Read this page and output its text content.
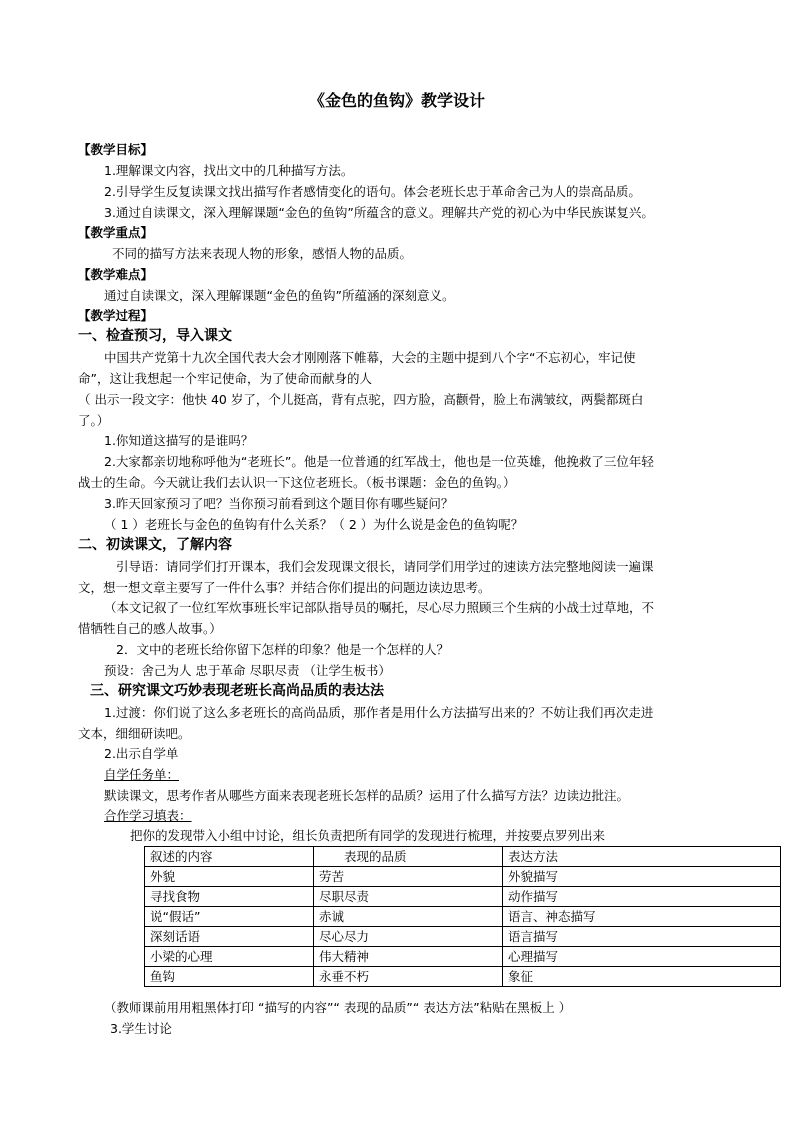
《金色的鱼钩》教学设计
【教学目标】
1.理解课文内容，找出文中的几种描写方法。
2.引导学生反复读课文找出描写作者感情变化的语句。体会老班长忠于革命舍己为人的崇高品质。
3.通过自读课文，深入理解课题“金色的鱼钩”所蕴含的意义。理解共产党的初心为中华民族谋复兴。
【教学重点】
不同的描写方法来表现人物的形象，感悟人物的品质。
【教学难点】
通过自读课文，深入理解课题“金色的鱼钩”所蕴涵的深刻意义。
【教学过程】
一、检查预习，导入课文
中国共产党第十九次全国代表大会才刚刚落下帷幕，大会的主题中提到八个字“不忘初心，牢记使
命”，这让我想起一个牢记使命，为了使命而献身的人
（ 出示一段文字：他快 40 岁了，个儿挺高，背有点驼，四方脸，高颧骨，脸上布满皱纹，两鬓都斑白
了。）
1.你知道这描写的是谁吗？
2.大家都亲切地称呼他为“老班长”。他是一位普通的红军战士，他也是一位英雄，他挽救了三位年轻
战士的生命。今天就让我们去认识一下这位老班长。（板书课题：金色的鱼钩。）
3.昨天回家预习了吧？当你预习前看到这个题目你有哪些疑问？
（ 1 ）老班长与金色的鱼钩有什么关系？（ 2 ）为什么说是金色的鱼钩呢？
二、初读课文，了解内容
引导语：请同学们打开课本，我们会发现课文很长，请同学们用学过的速读方法完整地阅读一遍课
文，想一想文章主要写了一件什么事？并结合你们提出的问题边读边思考。
（本文记叙了一位红军炊事班长牢记部队指导员的嘱托，尽心尽力照顾三个生病的小战士过草地，不
惜牺牲自己的感人故事。）
2．文中的老班长给你留下怎样的印象？他是一个怎样的人？
预设：舍己为人 忠于革命 尽职尽责 （让学生板书）
三、研究课文巧妙表现老班长高尚品质的表达法
1.过渡：你们说了这么多老班长的高尚品质，那作者是用什么方法描写出来的？不妨让我们再次走进
文本，细细研读吧。
2.出示自学单
自学任务单：
默读课文，思考作者从哪些方面来表现老班长怎样的品质？运用了什么描写方法？边读边批注。
合作学习填表：
把你的发现带入小组中讨论，组长负责把所有同学的发现进行梳理，并按要点罗列出来
叙述的内容	表现的品质	表达方法
外貌	劳苦	外貌描写
寻找食物	尽职尽责	动作描写
说“假话”	赤诚	语言、神态描写
深刻话语	尽心尽力	语言描写
小梁的心理	伟大精神	心理描写
鱼钩	永垂不朽	象征
（教师课前用用粗黑体打印 “描写的内容”“ 表现的品质”“ 表达方法”粘贴在黑板上 ）
3.学生讨论
